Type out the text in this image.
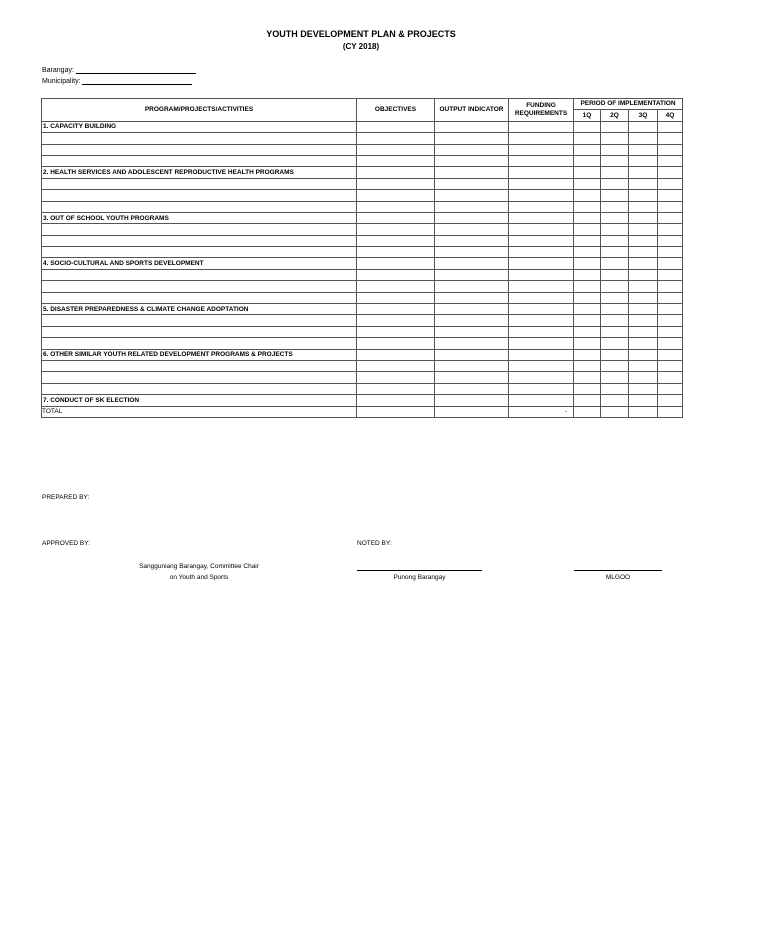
YOUTH DEVELOPMENT PLAN & PROJECTS
(CY 2018)
Barangay:
Municipality:
PROGRAM/PROJECTS/ACTIVITIES	OBJECTIVES	OUTPUT INDICATOR	FUNDING REQUIREMENTS	PERIOD OF IMPLEMENTATION			
				1Q	2Q	3Q	4Q
1. CAPACITY BUILDING							

2. HEALTH SERVICES AND ADOLESCENT REPRODUCTIVE HEALTH PROGRAMS							

3. OUT OF SCHOOL YOUTH PROGRAMS							

4. SOCIO-CULTURAL AND SPORTS DEVELOPMENT							

5. DISASTER PREPAREDNESS & CLIMATE CHANGE ADOPTATION							

6. OTHER SIMILAR YOUTH RELATED DEVELOPMENT PROGRAMS & PROJECTS							

7. CONDUCT OF SK ELECTION							
TOTAL			-				
PREPARED BY:
APPROVED BY:	NOTED BY:
Sangguniang Barangay, Committee Chair
on Youth and Sports	Punong Barangay	MLGOO
